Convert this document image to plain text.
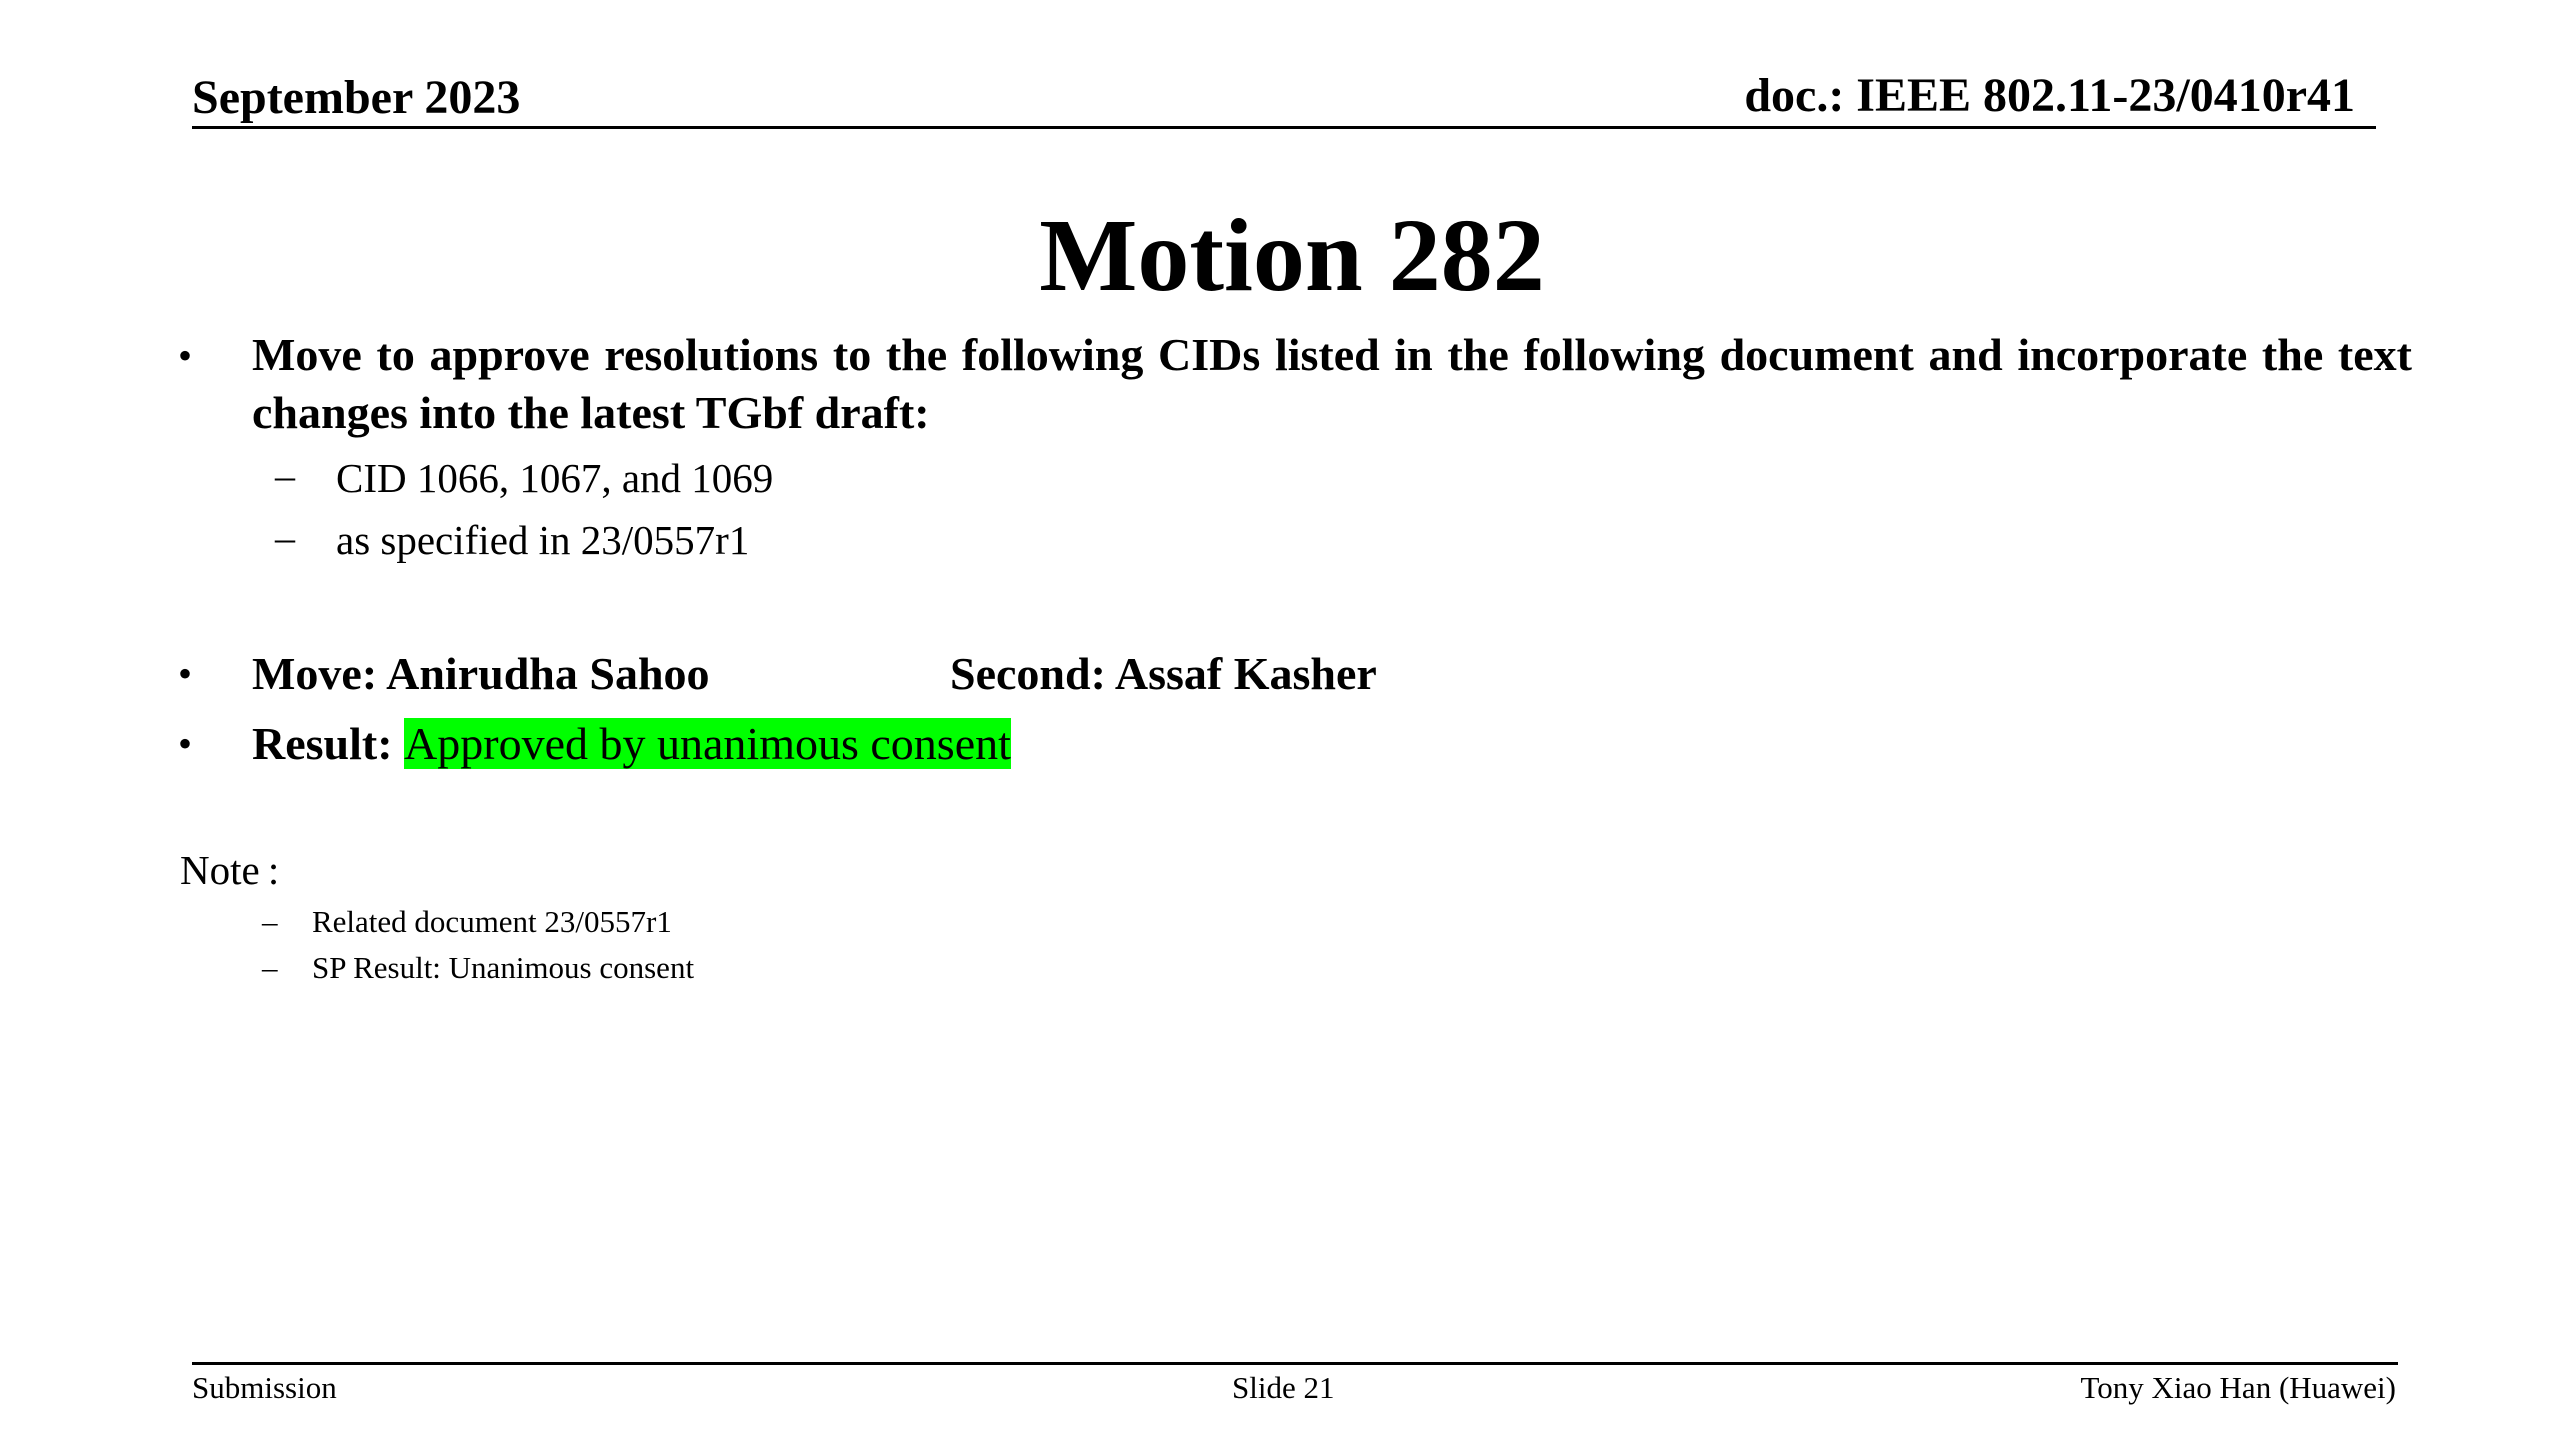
September 2023	doc.: IEEE 802.11-23/0410r41
Motion 282
• Move to approve resolutions to the following CIDs listed in the following document and incorporate the text changes into the latest TGbf draft:
– CID 1066, 1067, and 1069
– as specified in 23/0557r1
• Move: Anirudha Sahoo	Second: Assaf Kasher
• Result: Approved by unanimous consent
Note :
– Related document 23/0557r1
– SP Result: Unanimous consent
Submission	Slide 21	Tony Xiao Han (Huawei)
